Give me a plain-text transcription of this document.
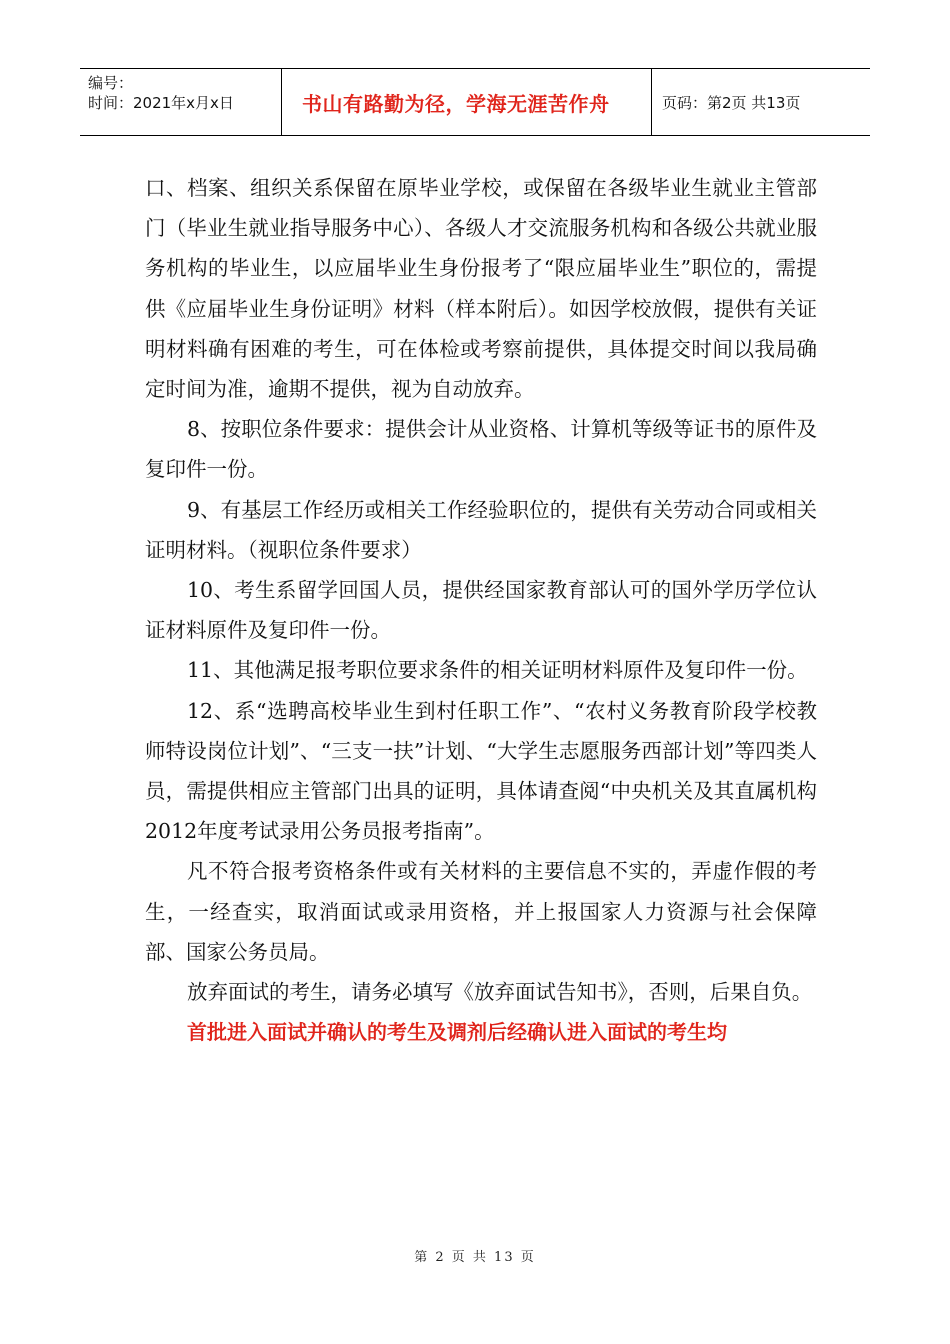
编号：
时间：2021年x月x日	书山有路勤为径，学海无涯苦作舟	页码：第2页 共13页

口、档案、组织关系保留在原毕业学校，或保留在各级毕业生就业主管部门（毕业生就业指导服务中心）、各级人才交流服务机构和各级公共就业服务机构的毕业生，以应届毕业生身份报考了“限应届毕业生”职位的，需提供《应届毕业生身份证明》材料（样本附后）。如因学校放假，提供有关证明材料确有困难的考生，可在体检或考察前提供，具体提交时间以我局确定时间为准，逾期不提供，视为自动放弃。

8、按职位条件要求：提供会计从业资格、计算机等级等证书的原件及复印件一份。

9、有基层工作经历或相关工作经验职位的，提供有关劳动合同或相关证明材料。（视职位条件要求）

10、考生系留学回国人员，提供经国家教育部认可的国外学历学位认证材料原件及复印件一份。

11、其他满足报考职位要求条件的相关证明材料原件及复印件一份。

12、系“选聘高校毕业生到村任职工作”、“农村义务教育阶段学校教师特设岗位计划”、“三支一扶”计划、“大学生志愿服务西部计划”等四类人员，需提供相应主管部门出具的证明，具体请查阅“中央机关及其直属机构2012年度考试录用公务员报考指南”。

凡不符合报考资格条件或有关材料的主要信息不实的，弄虚作假的考生，一经查实，取消面试或录用资格，并上报国家人力资源与社会保障部、国家公务员局。

放弃面试的考生，请务必填写《放弃面试告知书》，否则，后果自负。

首批进入面试并确认的考生及调剂后经确认进入面试的考生均

第 2 页 共 13 页
